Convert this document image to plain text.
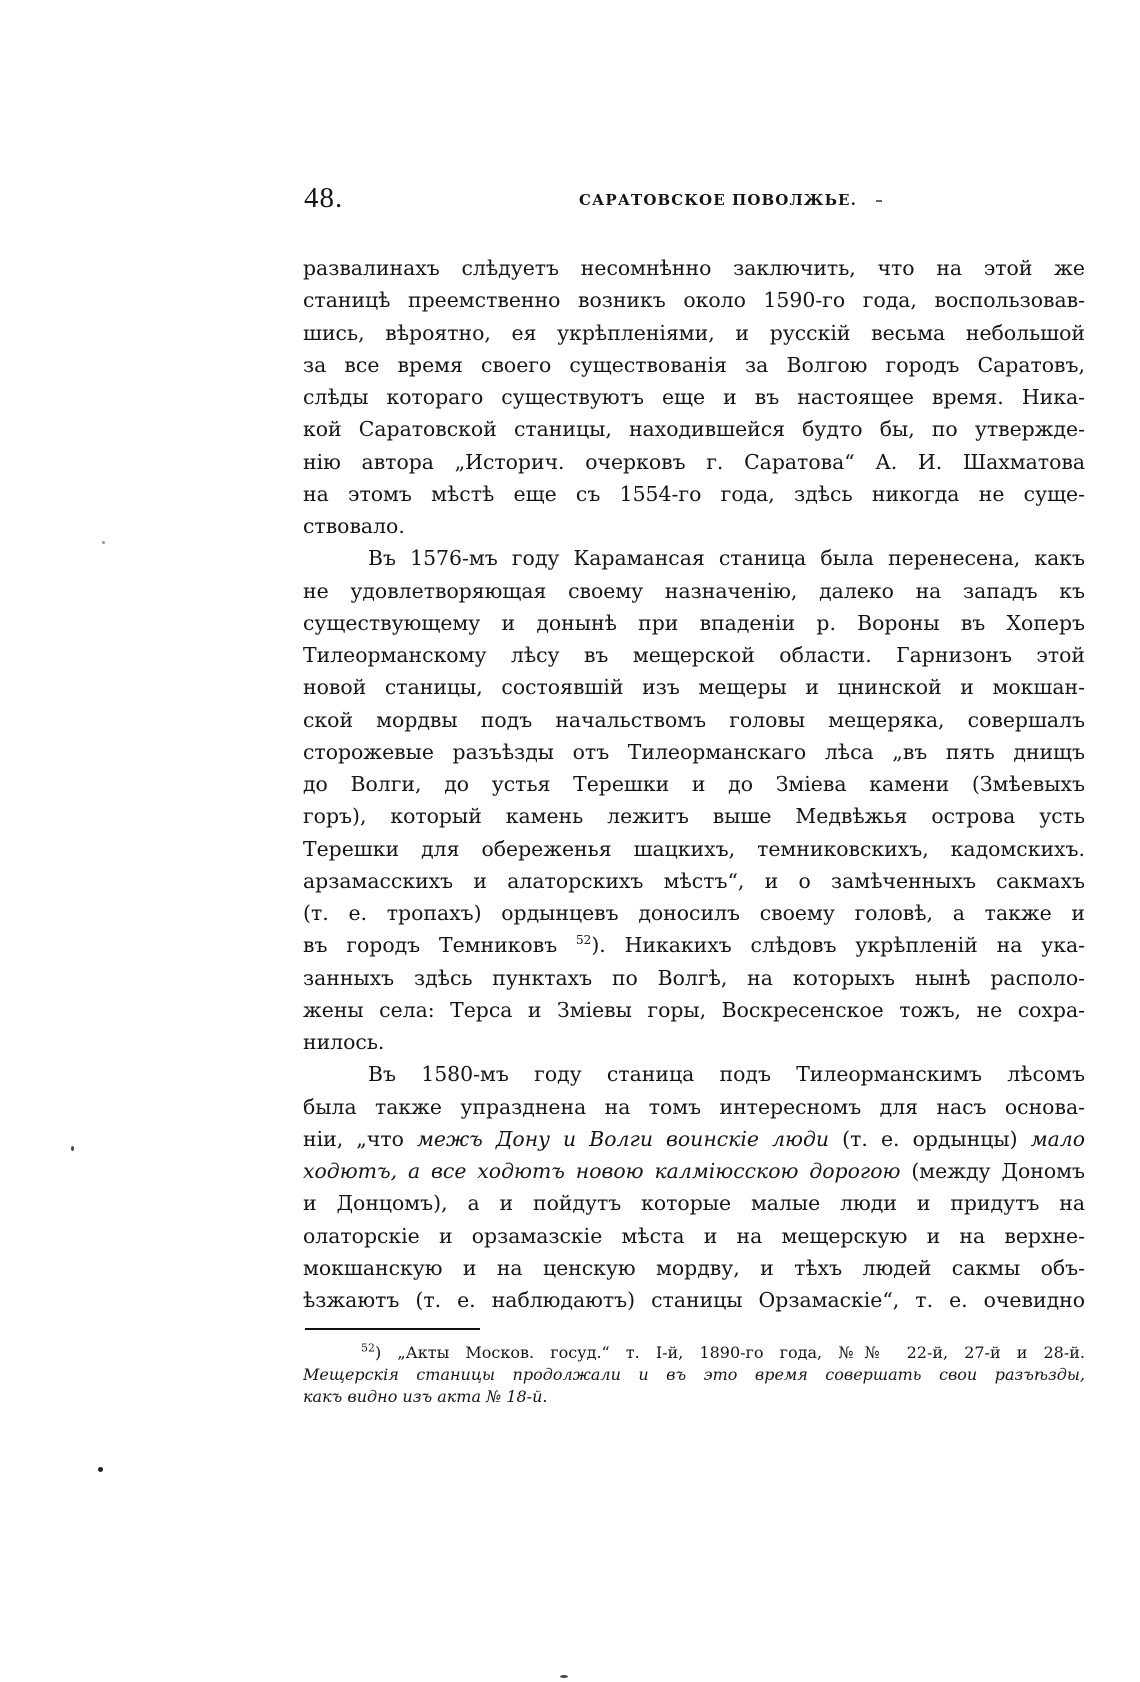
48.	САРАТОВСКОЕ ПОВОЛЖЬЕ.
развалинахъ слѣдуетъ несомнѣнно заключить, что на этой же
станицѣ преемственно возникъ около 1590-го года, воспользовав-
шись, вѣроятно, ея укрѣпленіями, и русскій весьма небольшой
за все время своего существованія за Волгою городъ Саратовъ,
слѣды котораго существуютъ еще и въ настоящее время. Ника-
кой Саратовской станицы, находившейся будто бы, по утвержде-
нію автора „Историч. очерковъ г. Саратова“ А. И. Шахматова
на этомъ мѣстѣ еще съ 1554-го года, здѣсь никогда не суще-
ствовало.
Въ 1576-мъ году Карамансая станица была перенесена, какъ
не удовлетворяющая своему назначенію, далеко на западъ къ
существующему и донынѣ при впаденіи р. Вороны въ Хоперъ
Тилеорманскому лѣсу въ мещерской области. Гарнизонъ этой
новой станицы, состоявшій изъ мещеры и цнинской и мокшан-
ской мордвы подъ начальствомъ головы мещеряка, совершалъ
сторожевые разъѣзды отъ Тилеорманскаго лѣса „въ пять днищъ
до Волги, до устья Терешки и до Зміева камени (Змѣевыхъ
горъ), который камень лежитъ выше Медвѣжья острова усть
Терешки для обереженья шацкихъ, темниковскихъ, кадомскихъ.
арзамасскихъ и алаторскихъ мѣстъ“, и о замѣченныхъ сакмахъ
(т. е. тропахъ) ордынцевъ доносилъ своему головѣ, а также и
въ городъ Темниковъ $^{52}$). Никакихъ слѣдовъ укрѣпленій на ука-
занныхъ здѣсь пунктахъ по Волгѣ, на которыхъ нынѣ располо-
жены села: Терса и Зміевы горы, Воскресенское тожъ, не сохра-
нилось.
Въ 1580-мъ году станица подъ Тилеорманскимъ лѣсомъ
была также упразднена на томъ интересномъ для насъ основа-
ніи, „что межъ Дону и Волги воинскіе люди (т. е. ордынцы) мало
ходютъ, а все ходютъ новою калміюсскою дорогою (между Дономъ
и Донцомъ), а и пойдутъ которые малые люди и придутъ на
олаторскіе и орзамазскіе мѣста и на мещерскую и на верхне-
мокшанскую и на ценскую мордву, и тѣхъ людей сакмы объ-
ѣзжаютъ (т. е. наблюдаютъ) станицы Орзамаскіе“, т. е. очевидно
$^{52}$) „Акты Москов. госуд.“ т. I-й, 1890-го года, №№ 22-й, 27-й и 28-й.
Мещерскія станицы продолжали и въ это время совершать свои разъѣзды,
какъ видно изъ акта № 18-й.
